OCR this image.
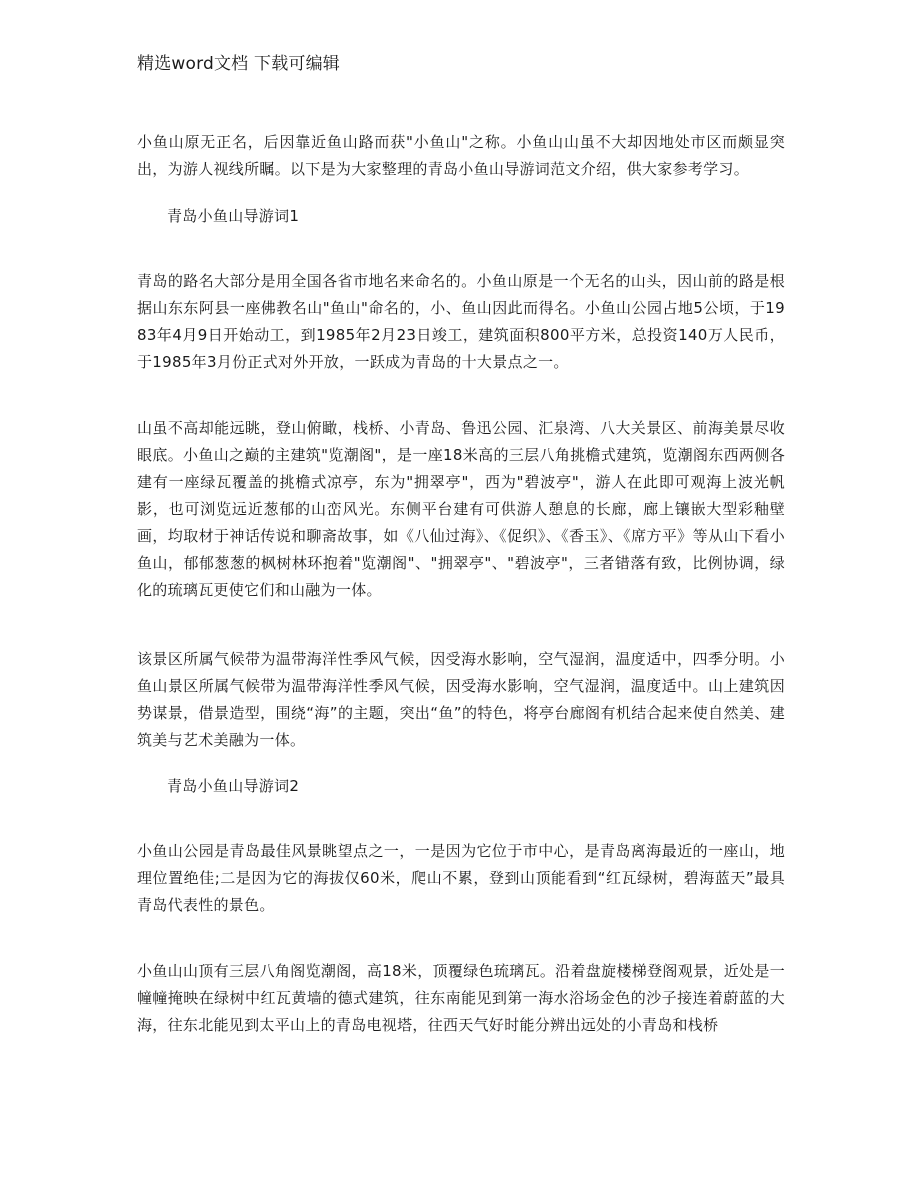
精选word文档 下载可编辑
小鱼山原无正名，后因靠近鱼山路而获"小鱼山"之称。小鱼山山虽不大却因地处市区而颇显突出，为游人视线所瞩。以下是为大家整理的青岛小鱼山导游词范文介绍，供大家参考学习。
青岛小鱼山导游词1
青岛的路名大部分是用全国各省市地名来命名的。小鱼山原是一个无名的山头，因山前的路是根据山东东阿县一座佛教名山"鱼山"命名的，小、鱼山因此而得名。小鱼山公园占地5公顷，于1983年4月9日开始动工，到1985年2月23日竣工，建筑面积800平方米，总投资140万人民币，于1985年3月份正式对外开放，一跃成为青岛的十大景点之一。
山虽不高却能远眺，登山俯瞰，栈桥、小青岛、鲁迅公园、汇泉湾、八大关景区、前海美景尽收眼底。小鱼山之巅的主建筑"览潮阁"，是一座18米高的三层八角挑檐式建筑，览潮阁东西两侧各建有一座绿瓦覆盖的挑檐式凉亭，东为"拥翠亭"，西为"碧波亭"，游人在此即可观海上波光帆影，也可浏览远近葱郁的山峦风光。东侧平台建有可供游人憩息的长廊，廊上镶嵌大型彩釉壁画，均取材于神话传说和聊斋故事，如《八仙过海》、《促织》、《香玉》、《席方平》等从山下看小鱼山，郁郁葱葱的枫树林环抱着"览潮阁"、"拥翠亭"、"碧波亭"，三者错落有致，比例协调，绿化的琉璃瓦更使它们和山融为一体。
该景区所属气候带为温带海洋性季风气候，因受海水影响，空气湿润，温度适中，四季分明。小鱼山景区所属气候带为温带海洋性季风气候，因受海水影响，空气湿润，温度适中。山上建筑因势谋景，借景造型，围绕“海”的主题，突出“鱼”的特色，将亭台廊阁有机结合起来使自然美、建筑美与艺术美融为一体。
青岛小鱼山导游词2
小鱼山公园是青岛最佳风景眺望点之一，一是因为它位于市中心，是青岛离海最近的一座山，地理位置绝佳;二是因为它的海拔仅60米，爬山不累，登到山顶能看到“红瓦绿树，碧海蓝天”最具青岛代表性的景色。
小鱼山山顶有三层八角阁览潮阁，高18米，顶覆绿色琉璃瓦。沿着盘旋楼梯登阁观景，近处是一幢幢掩映在绿树中红瓦黄墙的德式建筑，往东南能见到第一海水浴场金色的沙子接连着蔚蓝的大海，往东北能见到太平山上的青岛电视塔，往西天气好时能分辨出远处的小青岛和栈桥
